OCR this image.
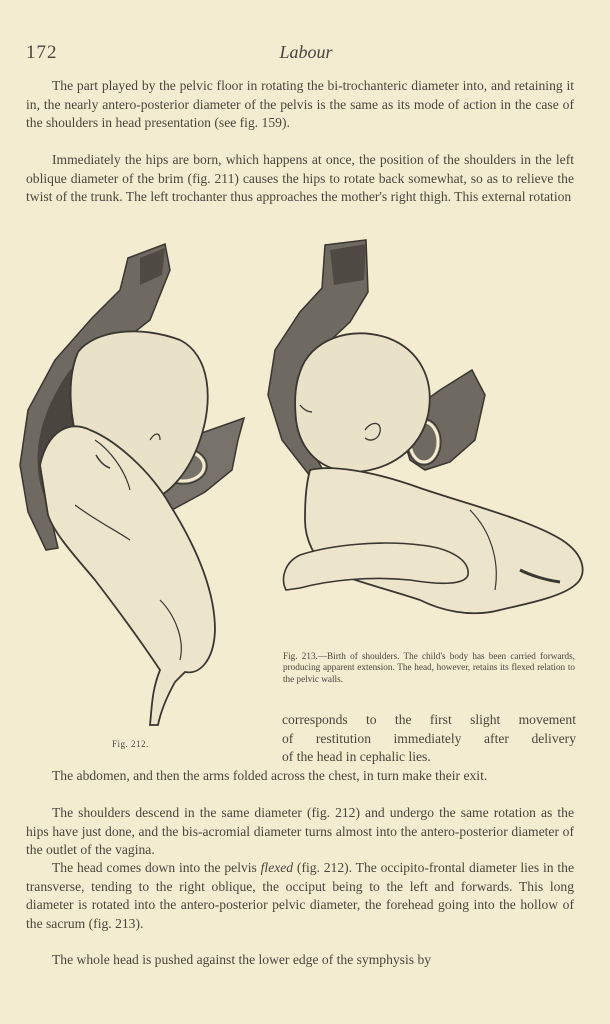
172	Labour

The part played by the pelvic floor in rotating the bi-trochanteric diameter into, and retaining it in, the nearly antero-posterior diameter of the pelvis is the same as its mode of action in the case of the shoulders in head presentation (see fig. 159).

Immediately the hips are born, which happens at once, the position of the shoulders in the left oblique diameter of the brim (fig. 211) causes the hips to rotate back somewhat, so as to relieve the twist of the trunk. The left trochanter thus approaches the mother's right thigh. This external rotation

Fig. 213.—Birth of shoulders. The child's body has been carried forwards, producing apparent extension. The head, however, retains its flexed relation to the pelvic walls.

Fig. 212.
corresponds to the first slight movement
of restitution immediately after delivery
of the head in cephalic lies.

The abdomen, and then the arms folded across the chest, in turn make their exit.

The shoulders descend in the same diameter (fig. 212) and undergo the same rotation as the hips have just done, and the bis-acromial diameter turns almost into the antero-posterior diameter of the outlet of the vagina.

The head comes down into the pelvis flexed (fig. 212). The occipito-frontal diameter lies in the transverse, tending to the right oblique, the occiput being to the left and forwards. This long diameter is rotated into the antero-posterior pelvic diameter, the forehead going into the hollow of the sacrum (fig. 213).

The whole head is pushed against the lower edge of the symphysis by
